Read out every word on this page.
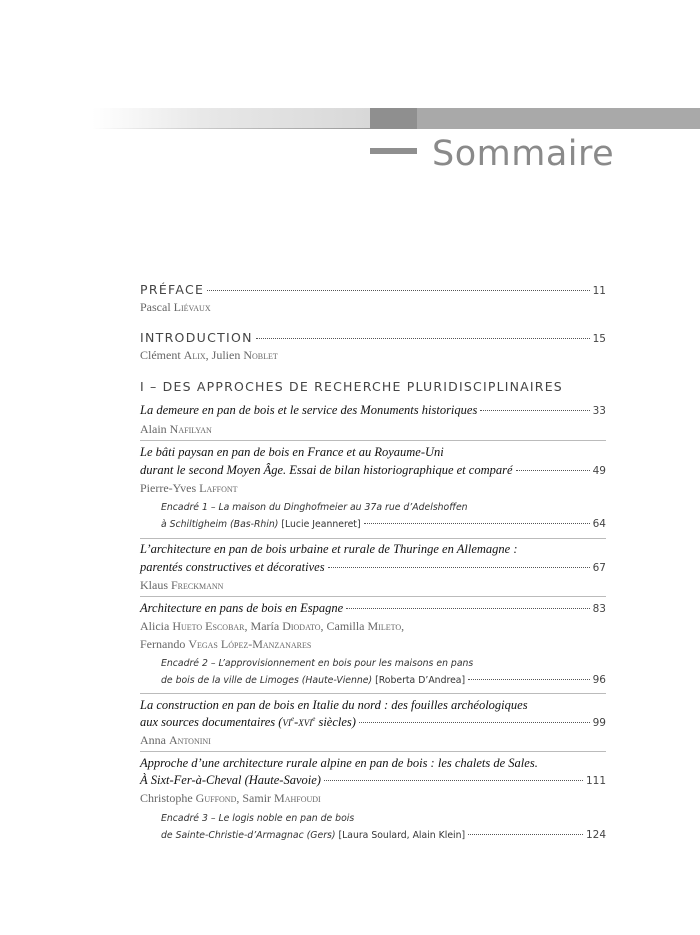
Sommaire
PRÉFACE	11
Pascal Liévaux
INTRODUCTION	15
Clément Alix, Julien Noblet
I – DES APPROCHES DE RECHERCHE PLURIDISCIPLINAIRES
La demeure en pan de bois et le service des Monuments historiques	33
Alain Nafilyan
Le bâti paysan en pan de bois en France et au Royaume-Uni
durant le second Moyen Âge. Essai de bilan historiographique et comparé	49
Pierre-Yves Laffont
Encadré 1 – La maison du Dinghofmeier au 37a rue d’Adelshoffen
à Schiltigheim (Bas-Rhin) [Lucie Jeanneret]	64
L’architecture en pan de bois urbaine et rurale de Thuringe en Allemagne :
parentés constructives et décoratives	67
Klaus Freckmann
Architecture en pans de bois en Espagne	83
Alicia Hueto Escobar, María Diodato, Camilla Mileto,
Fernando Vegas López-Manzanares
Encadré 2 – L’approvisionnement en bois pour les maisons en pans
de bois de la ville de Limoges (Haute-Vienne) [Roberta D’Andrea]	96
La construction en pan de bois en Italie du nord : des fouilles archéologiques
aux sources documentaires ($vi^e-xvi^e$ siècles)	99
Anna Antonini
Approche d’une architecture rurale alpine en pan de bois : les chalets de Sales.
À Sixt-Fer-à-Cheval (Haute-Savoie)	111
Christophe Guffond, Samir Mahfoudi
Encadré 3 – Le logis noble en pan de bois
de Sainte-Christie-d’Armagnac (Gers) [Laura Soulard, Alain Klein]	124
